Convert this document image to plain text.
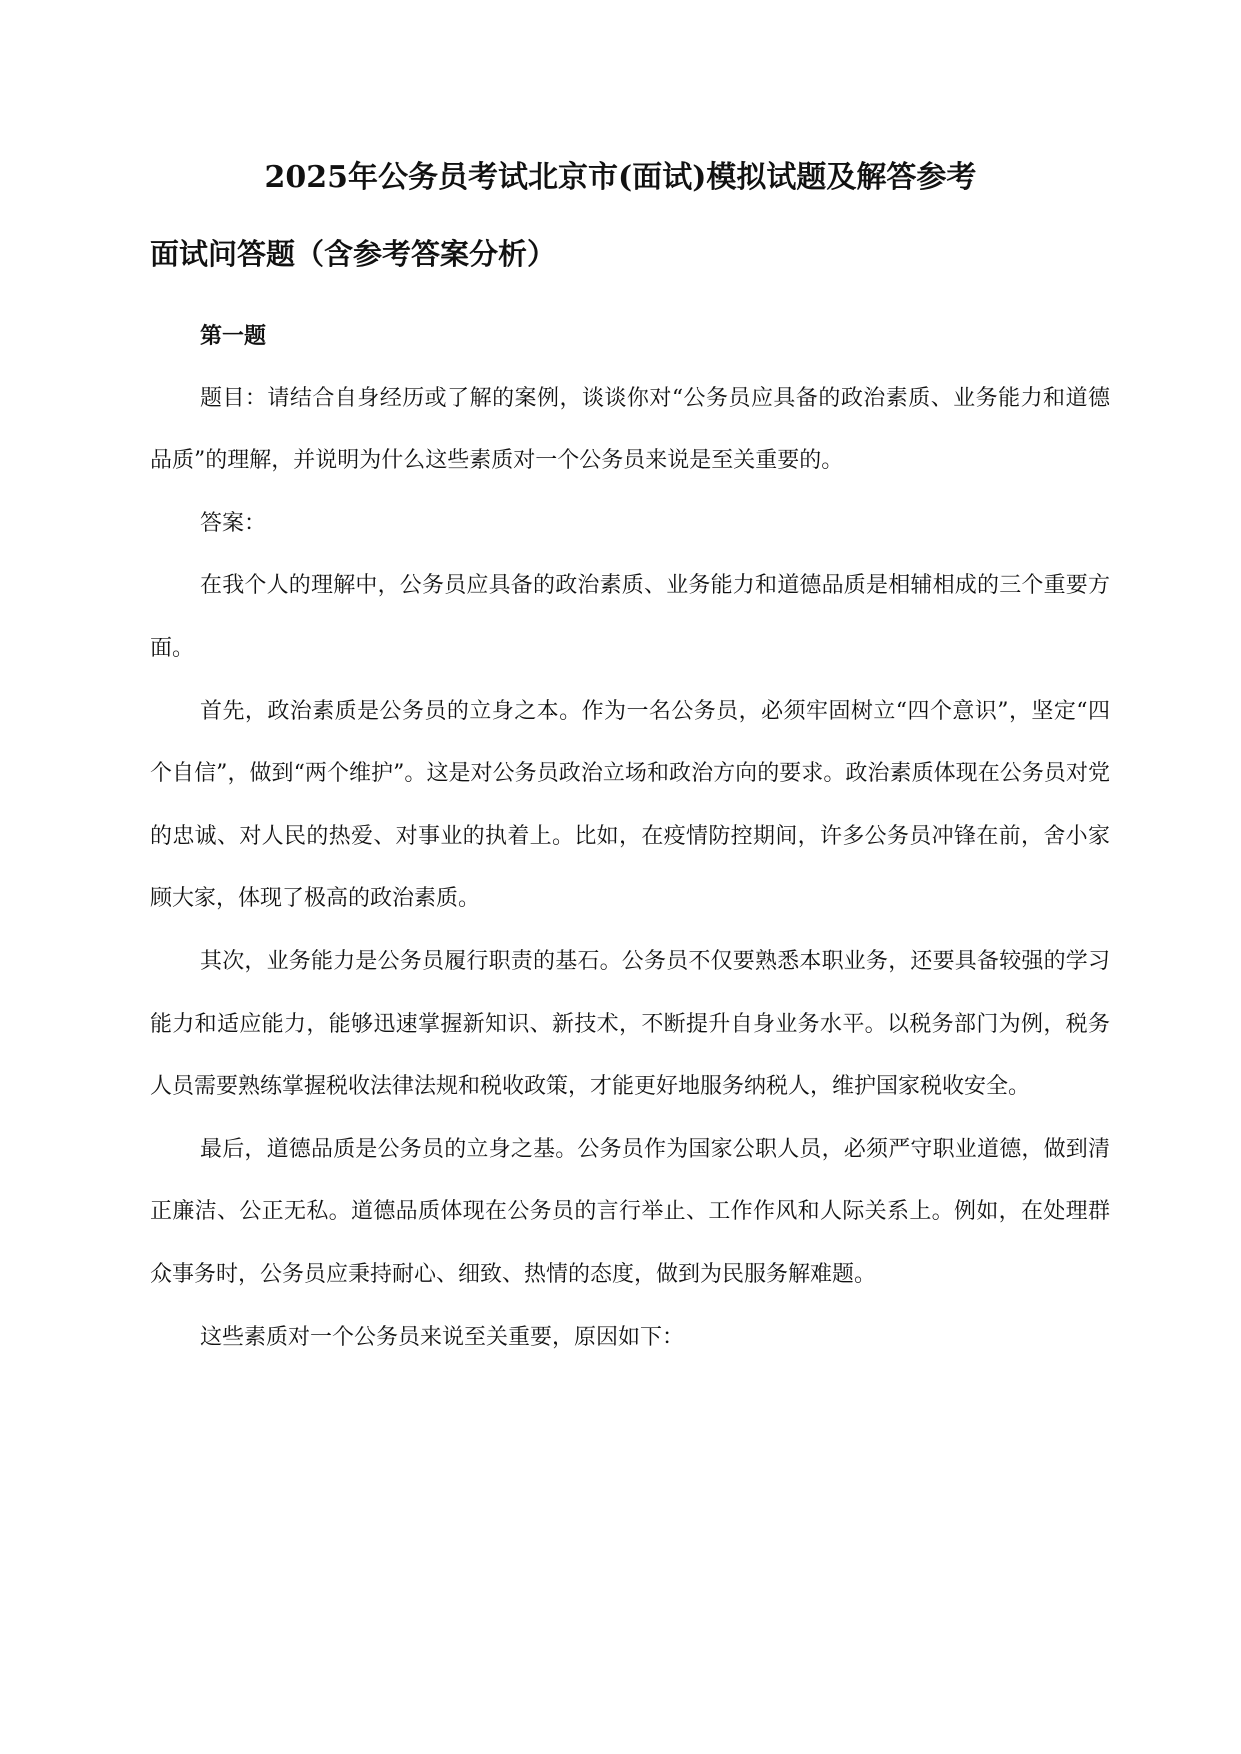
2025年公务员考试北京市(面试)模拟试题及解答参考
面试问答题（含参考答案分析）

第一题

题目：请结合自身经历或了解的案例，谈谈你对“公务员应具备的政治素质、业务能力和道德品质”的理解，并说明为什么这些素质对一个公务员来说是至关重要的。

答案：

在我个人的理解中，公务员应具备的政治素质、业务能力和道德品质是相辅相成的三个重要方面。

首先，政治素质是公务员的立身之本。作为一名公务员，必须牢固树立“四个意识”，坚定“四个自信”，做到“两个维护”。这是对公务员政治立场和政治方向的要求。政治素质体现在公务员对党的忠诚、对人民的热爱、对事业的执着上。比如，在疫情防控期间，许多公务员冲锋在前，舍小家顾大家，体现了极高的政治素质。

其次，业务能力是公务员履行职责的基石。公务员不仅要熟悉本职业务，还要具备较强的学习能力和适应能力，能够迅速掌握新知识、新技术，不断提升自身业务水平。以税务部门为例，税务人员需要熟练掌握税收法律法规和税收政策，才能更好地服务纳税人，维护国家税收安全。

最后，道德品质是公务员的立身之基。公务员作为国家公职人员，必须严守职业道德，做到清正廉洁、公正无私。道德品质体现在公务员的言行举止、工作作风和人际关系上。例如，在处理群众事务时，公务员应秉持耐心、细致、热情的态度，做到为民服务解难题。

这些素质对一个公务员来说至关重要，原因如下：
